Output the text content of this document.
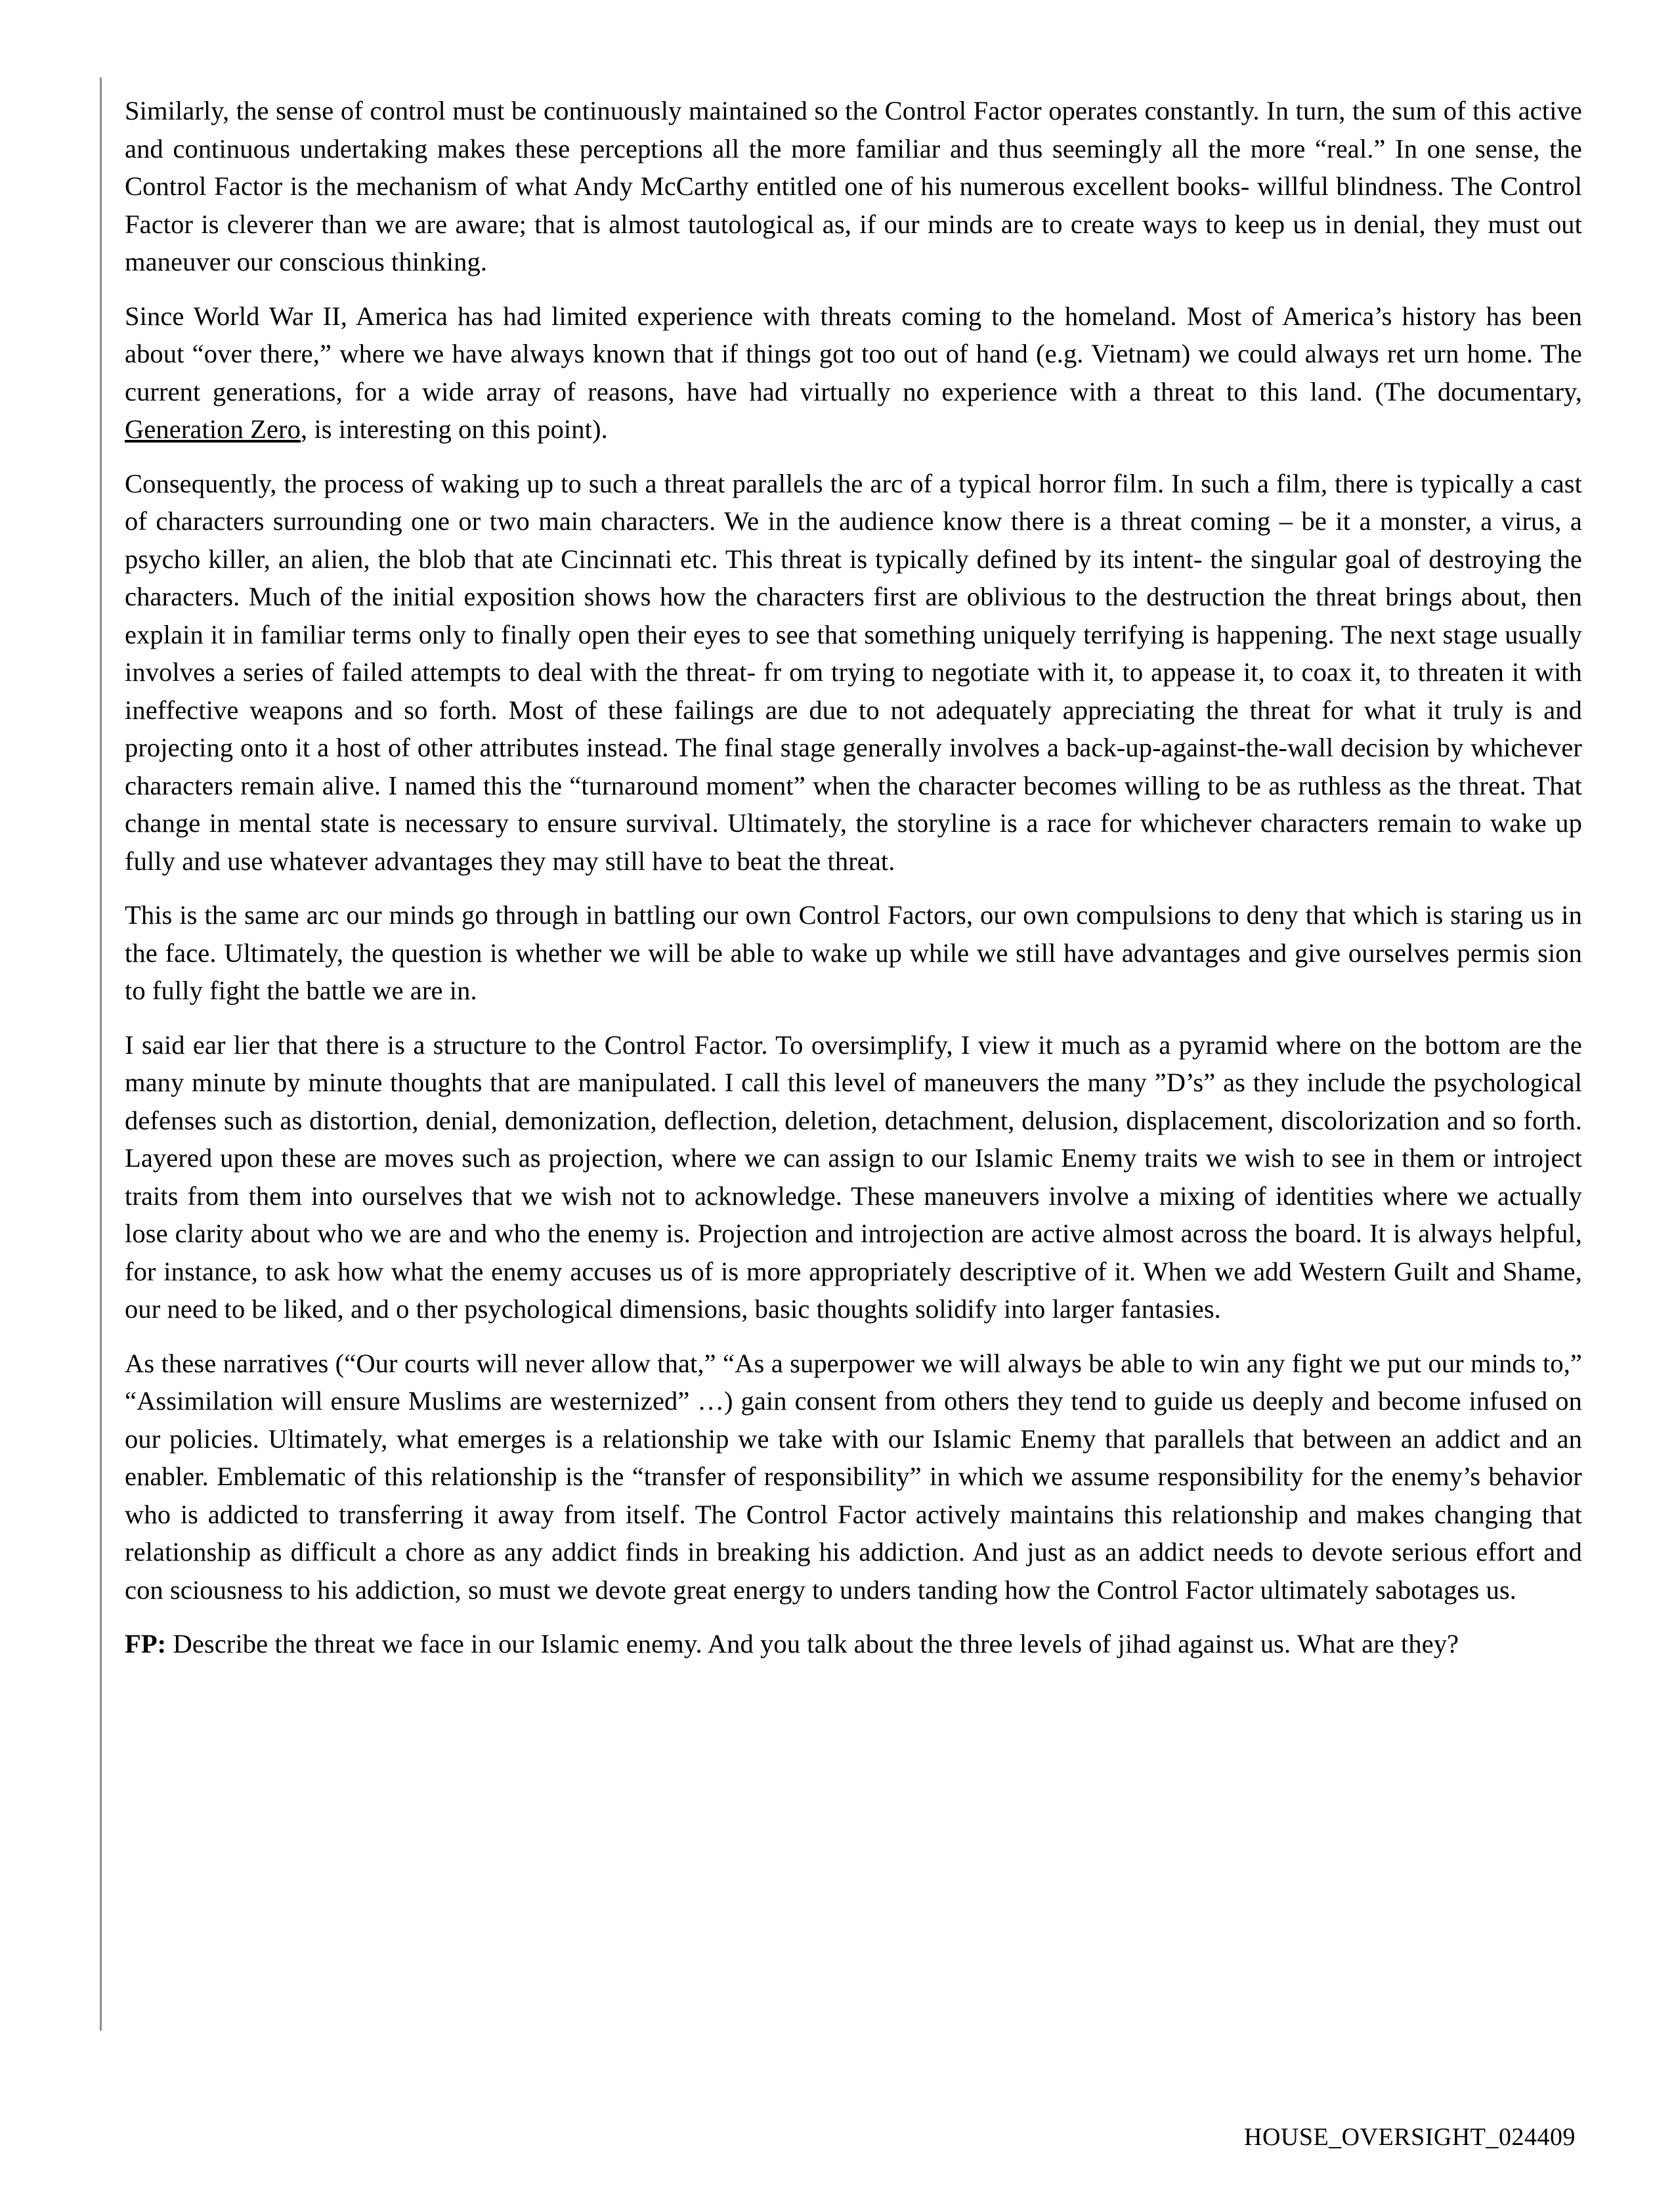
Similarly, the sense of control must be continuously maintained so the Control Factor operates constantly. In turn, the sum of this active and continuous undertaking makes these perceptions all the more familiar and thus seemingly all the more “real.” In one sense, the Control Factor is the mechanism of what Andy McCarthy entitled one of his numerous excellent books- willful blindness. The Control Factor is cleverer than we are aware; that is almost tautological as, if our minds are to create ways to keep us in denial, they must out maneuver our conscious thinking.

Since World War II, America has had limited experience with threats coming to the homeland. Most of America’s history has been about “over there,” where we have always known that if things got too out of hand (e.g. Vietnam) we could always ret urn home. The current generations, for a wide array of reasons, have had virtually no experience with a threat to this land. (The documentary, Generation Zero, is interesting on this point).

Consequently, the process of waking up to such a threat parallels the arc of a typical horror film. In such a film, there is typically a cast of characters surrounding one or two main characters. We in the audience know there is a threat coming – be it a monster, a virus, a psycho killer, an alien, the blob that ate Cincinnati etc. This threat is typically defined by its intent- the singular goal of destroying the characters. Much of the initial exposition shows how the characters first are oblivious to the destruction the threat brings about, then explain it in familiar terms only to finally open their eyes to see that something uniquely terrifying is happening. The next stage usually involves a series of failed attempts to deal with the threat- fr om trying to negotiate with it, to appease it, to coax it, to threaten it with ineffective weapons and so forth. Most of these failings are due to not adequately appreciating the threat for what it truly is and projecting onto it a host of other attributes instead. The final stage generally involves a back-up-against-the-wall decision by whichever characters remain alive. I named this the “turnaround moment” when the character becomes willing to be as ruthless as the threat. That change in mental state is necessary to ensure survival. Ultimately, the storyline is a race for whichever characters remain to wake up fully and use whatever advantages they may still have to beat the threat.

This is the same arc our minds go through in battling our own Control Factors, our own compulsions to deny that which is staring us in the face. Ultimately, the question is whether we will be able to wake up while we still have advantages and give ourselves permis sion to fully fight the battle we are in.

I said ear lier that there is a structure to the Control Factor. To oversimplify, I view it much as a pyramid where on the bottom are the many minute by minute thoughts that are manipulated. I call this level of maneuvers the many ”D’s” as they include the psychological defenses such as distortion, denial, demonization, deflection, deletion, detachment, delusion, displacement, discolorization and so forth. Layered upon these are moves such as projection, where we can assign to our Islamic Enemy traits we wish to see in them or introject traits from them into ourselves that we wish not to acknowledge. These maneuvers involve a mixing of identities where we actually lose clarity about who we are and who the enemy is. Projection and introjection are active almost across the board. It is always helpful, for instance, to ask how what the enemy accuses us of is more appropriately descriptive of it. When we add Western Guilt and Shame, our need to be liked, and o ther psychological dimensions, basic thoughts solidify into larger fantasies.

As these narratives (“Our courts will never allow that,” “As a superpower we will always be able to win any fight we put our minds to,” “Assimilation will ensure Muslims are westernized” …) gain consent from others they tend to guide us deeply and become infused on our policies. Ultimately, what emerges is a relationship we take with our Islamic Enemy that parallels that between an addict and an enabler. Emblematic of this relationship is the “transfer of responsibility” in which we assume responsibility for the enemy’s behavior who is addicted to transferring it away from itself. The Control Factor actively maintains this relationship and makes changing that relationship as difficult a chore as any addict finds in breaking his addiction. And just as an addict needs to devote serious effort and con sciousness to his addiction, so must we devote great energy to unders tanding how the Control Factor ultimately sabotages us.

FP: Describe the threat we face in our Islamic enemy. And you talk about the three levels of jihad against us. What are they?

HOUSE_OVERSIGHT_024409
